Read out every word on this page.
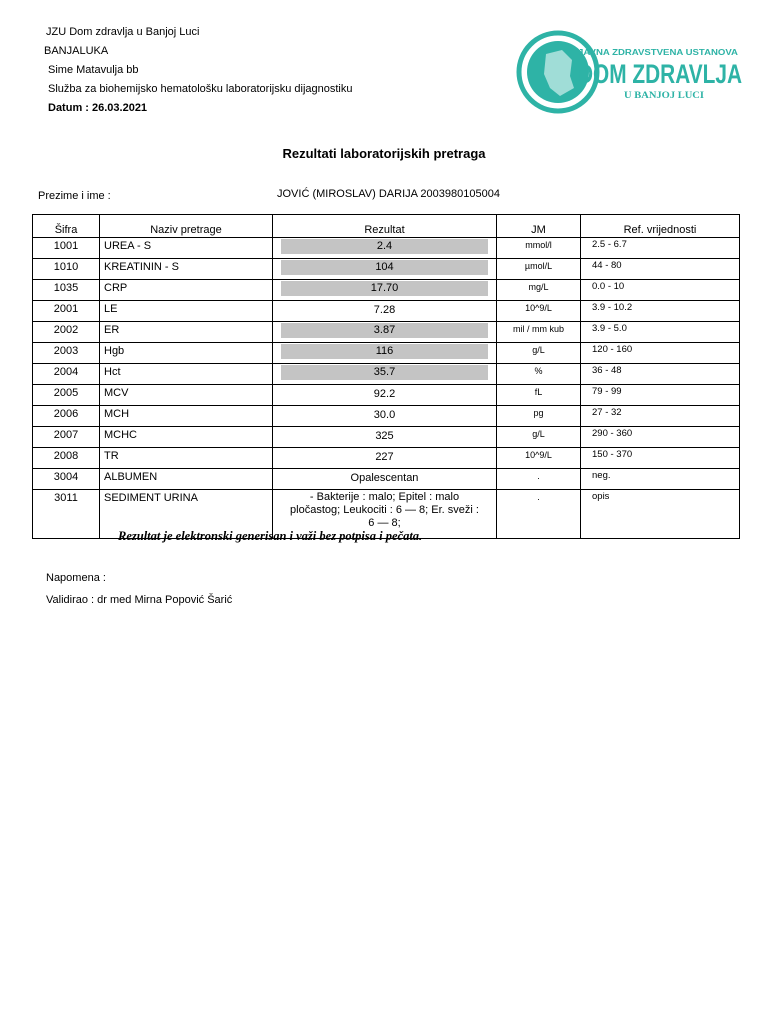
JZU Dom zdravlja u Banjoj Luci
BANJALUKA
Sime Matavulja bb
Služba za biohemijsko hematološku laboratorijsku dijagnostiku
Datum : 26.03.2021
JAVNA ZDRAVSTVENA USTANOVA
DOM ZDRAVLJA
U BANJOJ LUCI
Rezultati laboratorijskih pretraga
Prezime i ime :	JOVIĆ (MIROSLAV) DARIJA 2003980105004
Šifra	Naziv pretrage	Rezultat	JM	Ref. vrijednosti

1001	UREA - S	2.4	mmol/l	2.5 - 6.7

1010	KREATININ - S	104	µmol/L	44 - 80

1035	CRP	17.70	mg/L	0.0 - 10

2001	LE	7.28	10^9/L	3.9 - 10.2

2002	ER	3.87	mil / mm kub	3.9 - 5.0

2003	Hgb	116	g/L	120 - 160

2004	Hct	35.7	%	36 - 48

2005	MCV	92.2	fL	79 - 99

2006	MCH	30.0	pg	27 - 32

2007	MCHC	325	g/L	290 - 360

2008	TR	227	10^9/L	150 - 370

3004	ALBUMEN	Opalescentan	.	neg.

3011	SEDIMENT URINA	- Bakterije : malo; Epitel : malo pločastog; Leukociti : 6 — 8; Er. sveži : 6 — 8;	.	opis
Rezultat je elektronski generisan i važi bez potpisa i pečata.
Napomena :
Validirao : dr med Mirna Popović Šarić
